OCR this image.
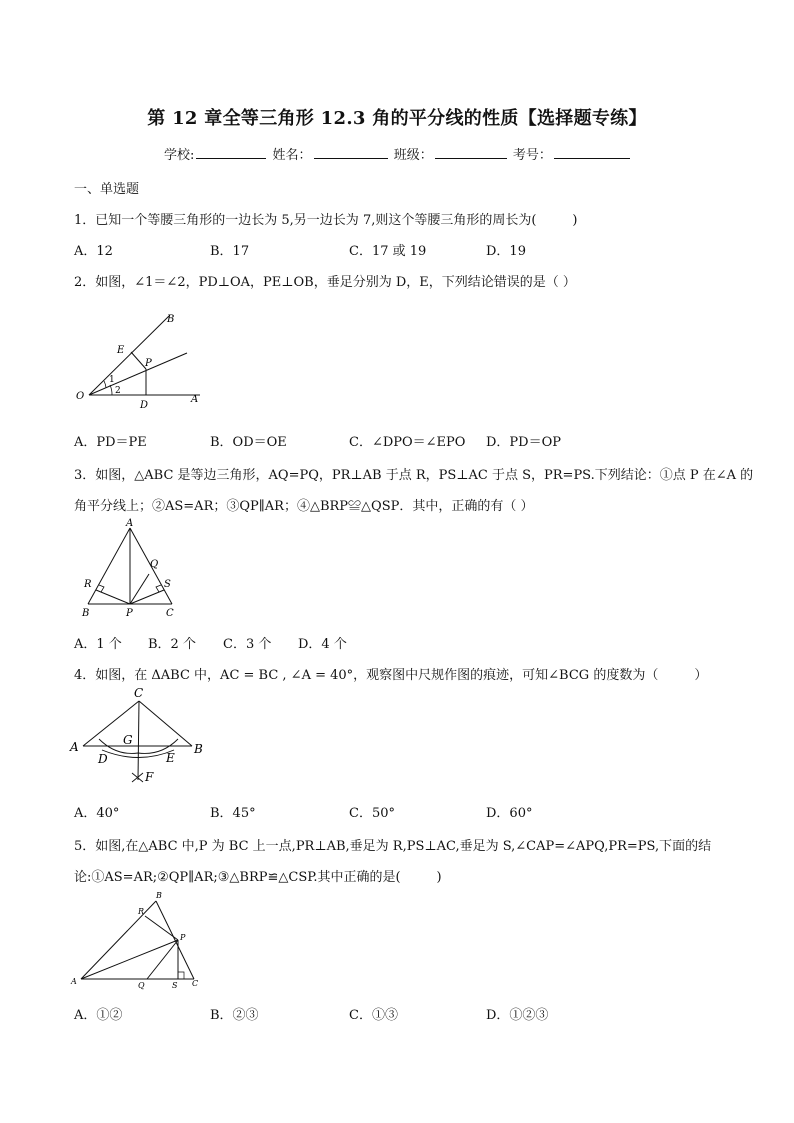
第 12 章全等三角形 12.3 角的平分线的性质【选择题专练】
学校:	姓名：	班级：	考号：
一、单选题
1．已知一个等腰三角形的一边长为 5,另一边长为 7,则这个等腰三角形的周长为(	)
A．12	B．17	C．17 或 19	D．19
2．如图，∠1＝∠2，PD⊥OA，PE⊥OB，垂足分别为 D，E，下列结论错误的是（ ）
B
E
P
1
2
O
D
A
A．PD＝PE	B．OD＝OE	C．∠DPO＝∠EPO D．PD＝OP
3．如图，△ABC 是等边三角形，AQ=PQ，PR⊥AB 于点 R，PS⊥AC 于点 S，PR=PS.下列结论：①点 P 在∠A 的
角平分线上；②AS=AR；③QP∥AR；④△BRP≌△QSP．其中，正确的有（ ）
A
Q
R	S
B	P	C
A．1 个 B．2 个 C．3 个 D．4 个
4．如图，在 ΔABC 中，AC = BC , ∠A = 40°，观察图中尺规作图的痕迹，可知∠BCG 的度数为（	）
C
G
A	B
D	E
F
A．40°	B．45°	C．50°	D．60°
5．如图,在△ABC 中,P 为 BC 上一点,PR⊥AB,垂足为 R,PS⊥AC,垂足为 S,∠CAP=∠APQ,PR=PS,下面的结
论:①AS=AR;②QP∥AR;③△BRP≌△CSP.其中正确的是(	)
B
R
P
A	Q	S C
A．①②	B．②③	C．①③	D．①②③
